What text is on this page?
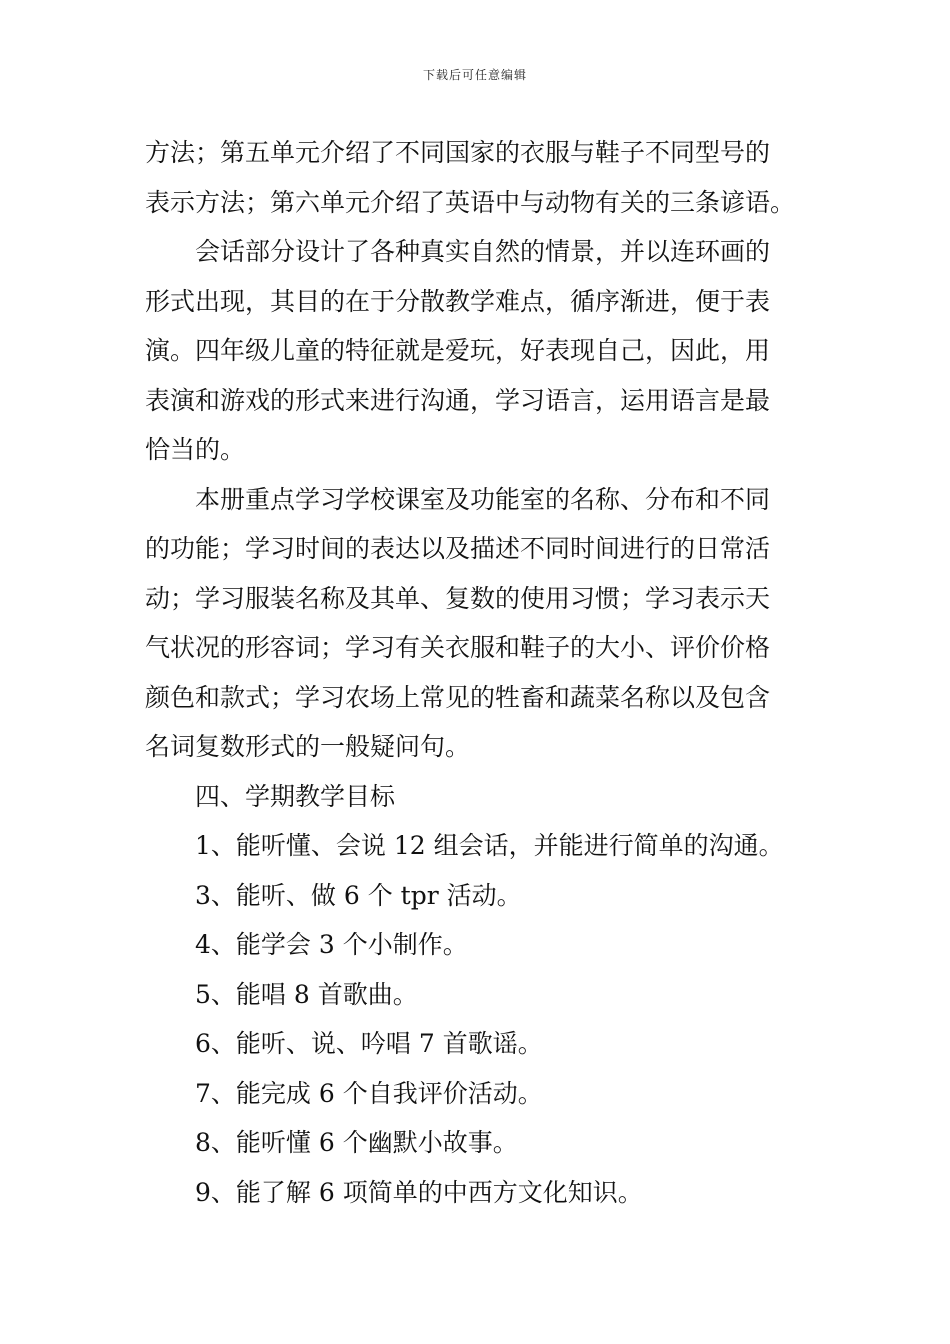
下载后可任意编辑

方法；第五单元介绍了不同国家的衣服与鞋子不同型号的
表示方法；第六单元介绍了英语中与动物有关的三条谚语。

会话部分设计了各种真实自然的情景，并以连环画的
形式出现，其目的在于分散教学难点，循序渐进，便于表
演。四年级儿童的特征就是爱玩，好表现自己，因此，用
表演和游戏的形式来进行沟通，学习语言，运用语言是最
恰当的。

本册重点学习学校课室及功能室的名称、分布和不同
的功能；学习时间的表达以及描述不同时间进行的日常活
动；学习服装名称及其单、复数的使用习惯；学习表示天
气状况的形容词；学习有关衣服和鞋子的大小、评价价格
颜色和款式；学习农场上常见的牲畜和蔬菜名称以及包含
名词复数形式的一般疑问句。

四、学期教学目标

1、能听懂、会说 12 组会话，并能进行简单的沟通。

3、能听、做 6 个 tpr 活动。

4、能学会 3 个小制作。

5、能唱 8 首歌曲。

6、能听、说、吟唱 7 首歌谣。

7、能完成 6 个自我评价活动。

8、能听懂 6 个幽默小故事。

9、能了解 6 项简单的中西方文化知识。
